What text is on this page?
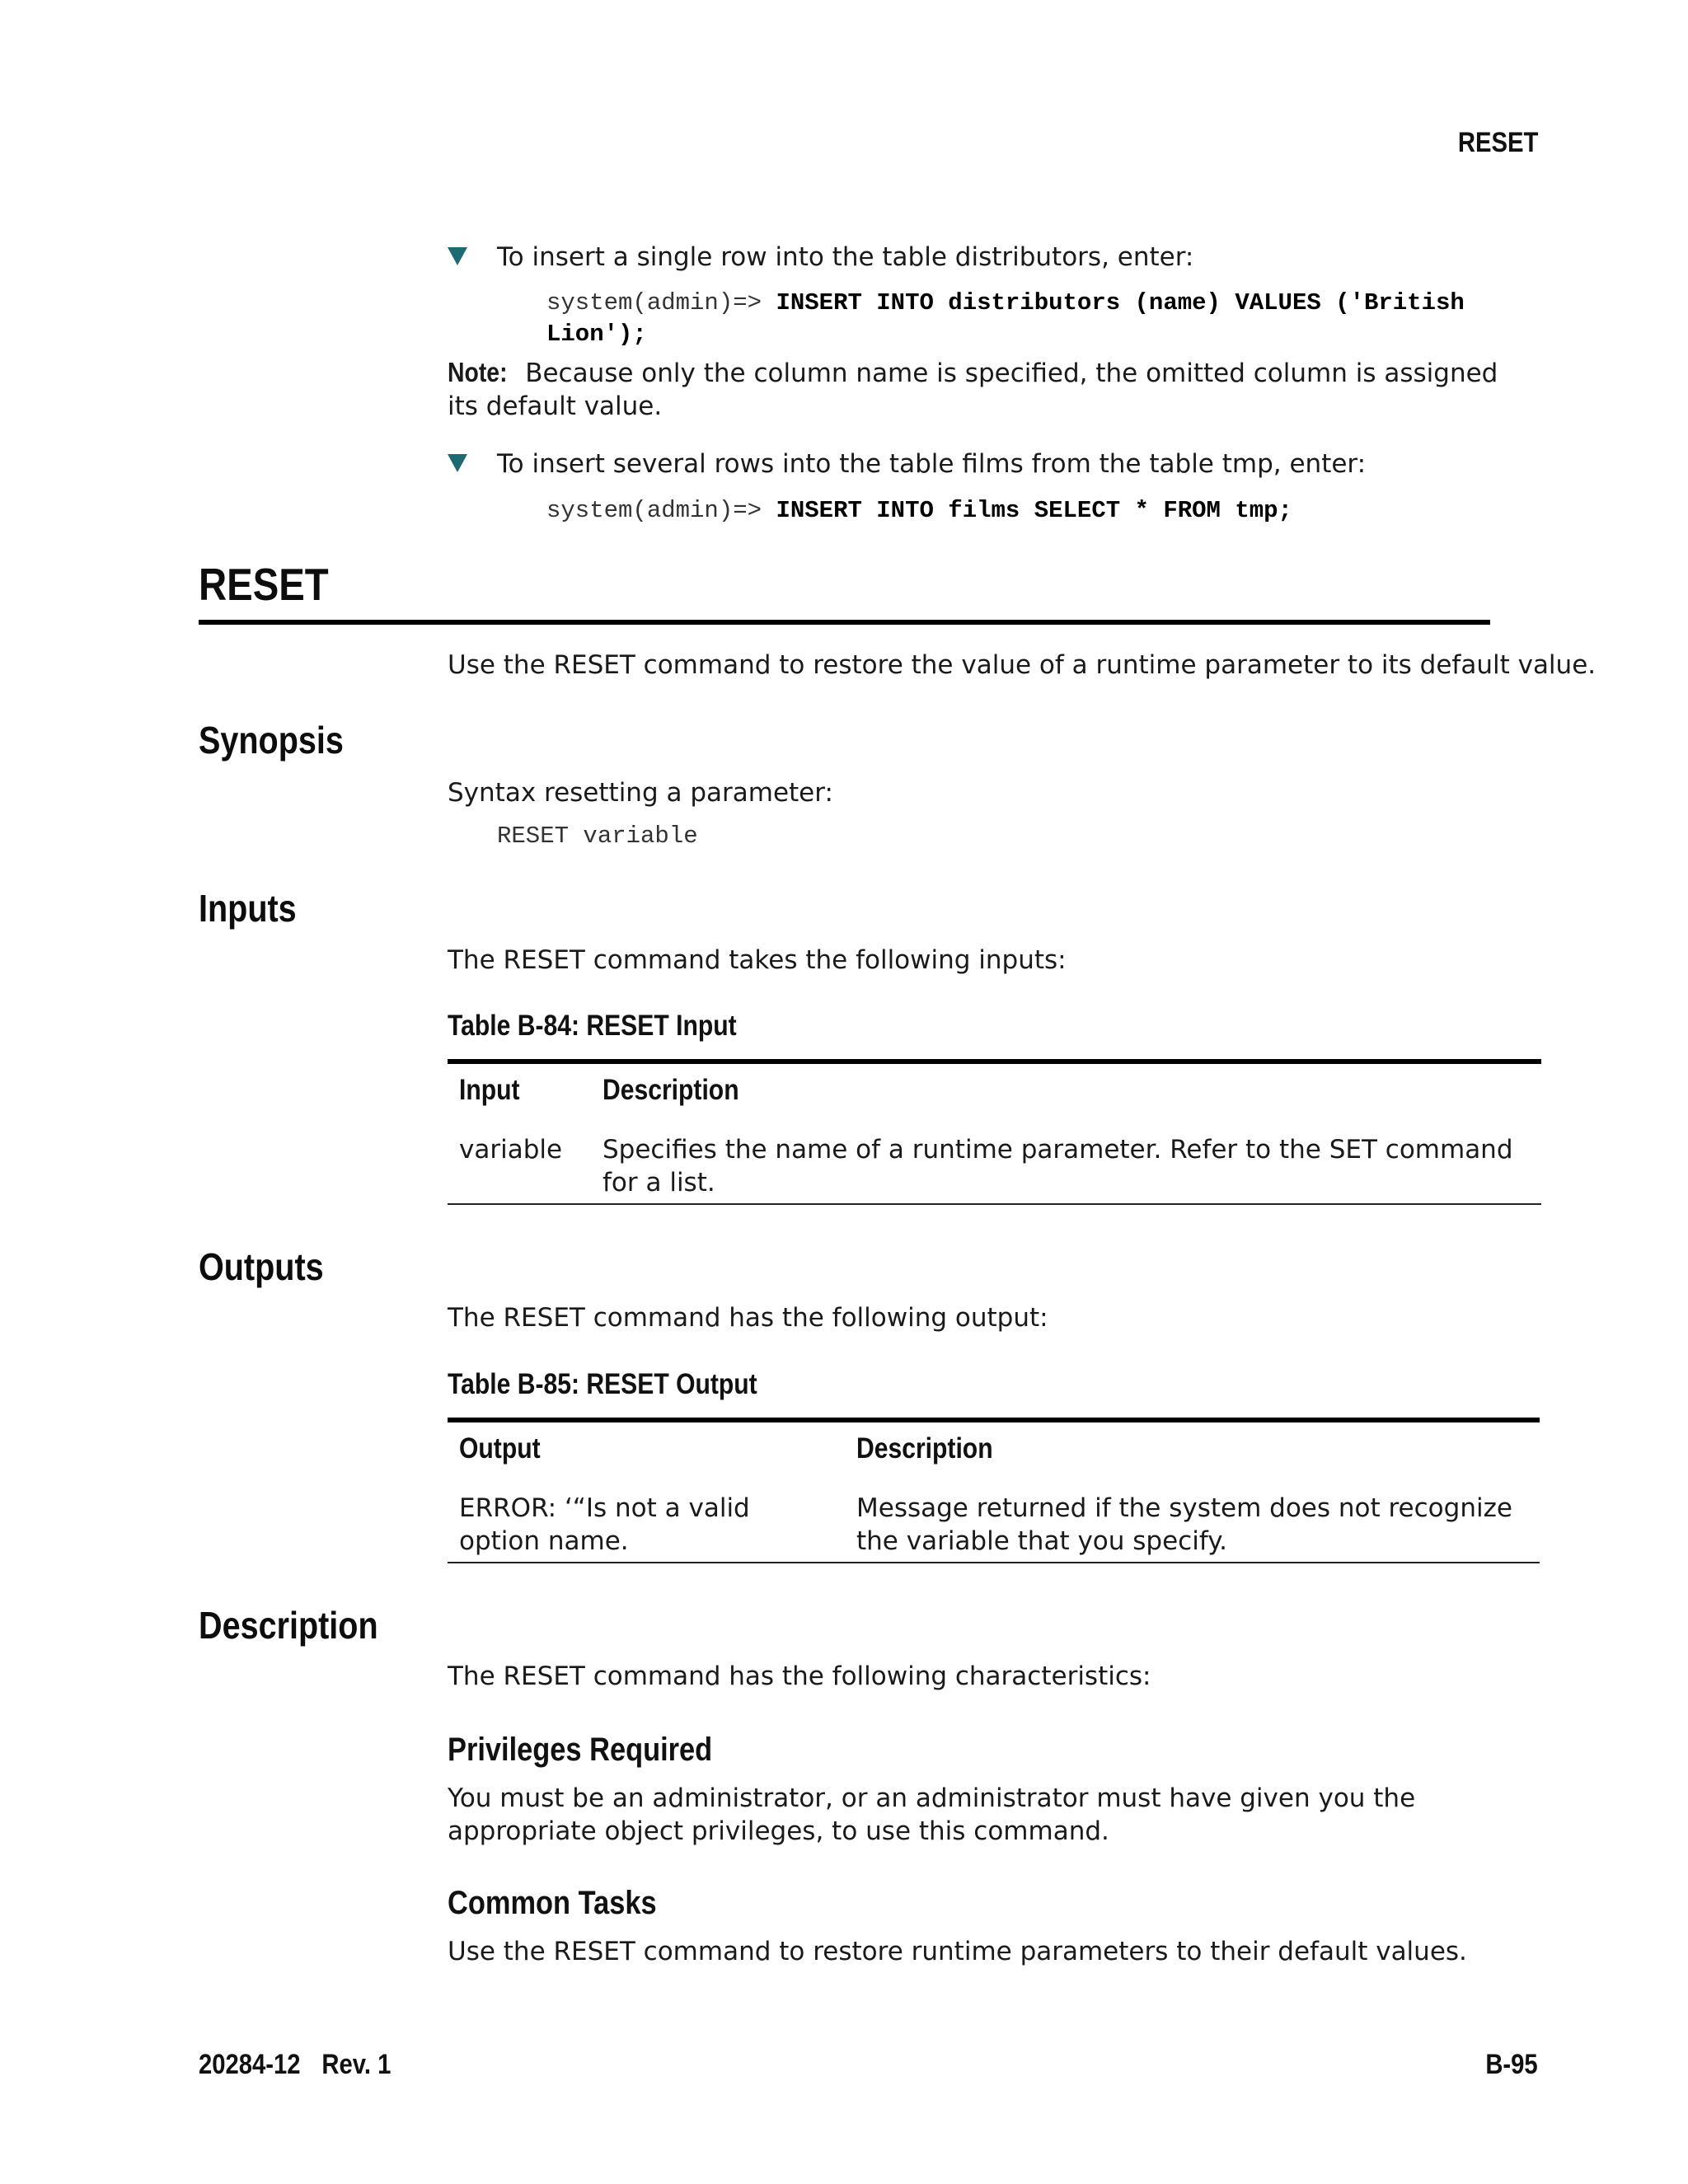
RESET

To insert a single row into the table distributors, enter:

system(admin)=> INSERT INTO distributors (name) VALUES ('British
Lion');

Note: Because only the column name is specified, the omitted column is assigned its default value.

To insert several rows into the table films from the table tmp, enter:

system(admin)=> INSERT INTO films SELECT * FROM tmp;
RESET

Use the RESET command to restore the value of a runtime parameter to its default value.

Synopsis

Syntax resetting a parameter:

RESET variable
Inputs

The RESET command takes the following inputs:

Table B-84: RESET Input
Input	Description
variable	Specifies the name of a runtime parameter. Refer to the SET command for a list.
Outputs

The RESET command has the following output:

Table B-85: RESET Output
Output	Description
ERROR: ‘“Is not a valid option name.	Message returned if the system does not recognize the variable that you specify.
Description

The RESET command has the following characteristics:

Privileges Required

You must be an administrator, or an administrator must have given you the appropriate object privileges, to use this command.

Common Tasks

Use the RESET command to restore runtime parameters to their default values.

20284-12 Rev. 1	B-95
